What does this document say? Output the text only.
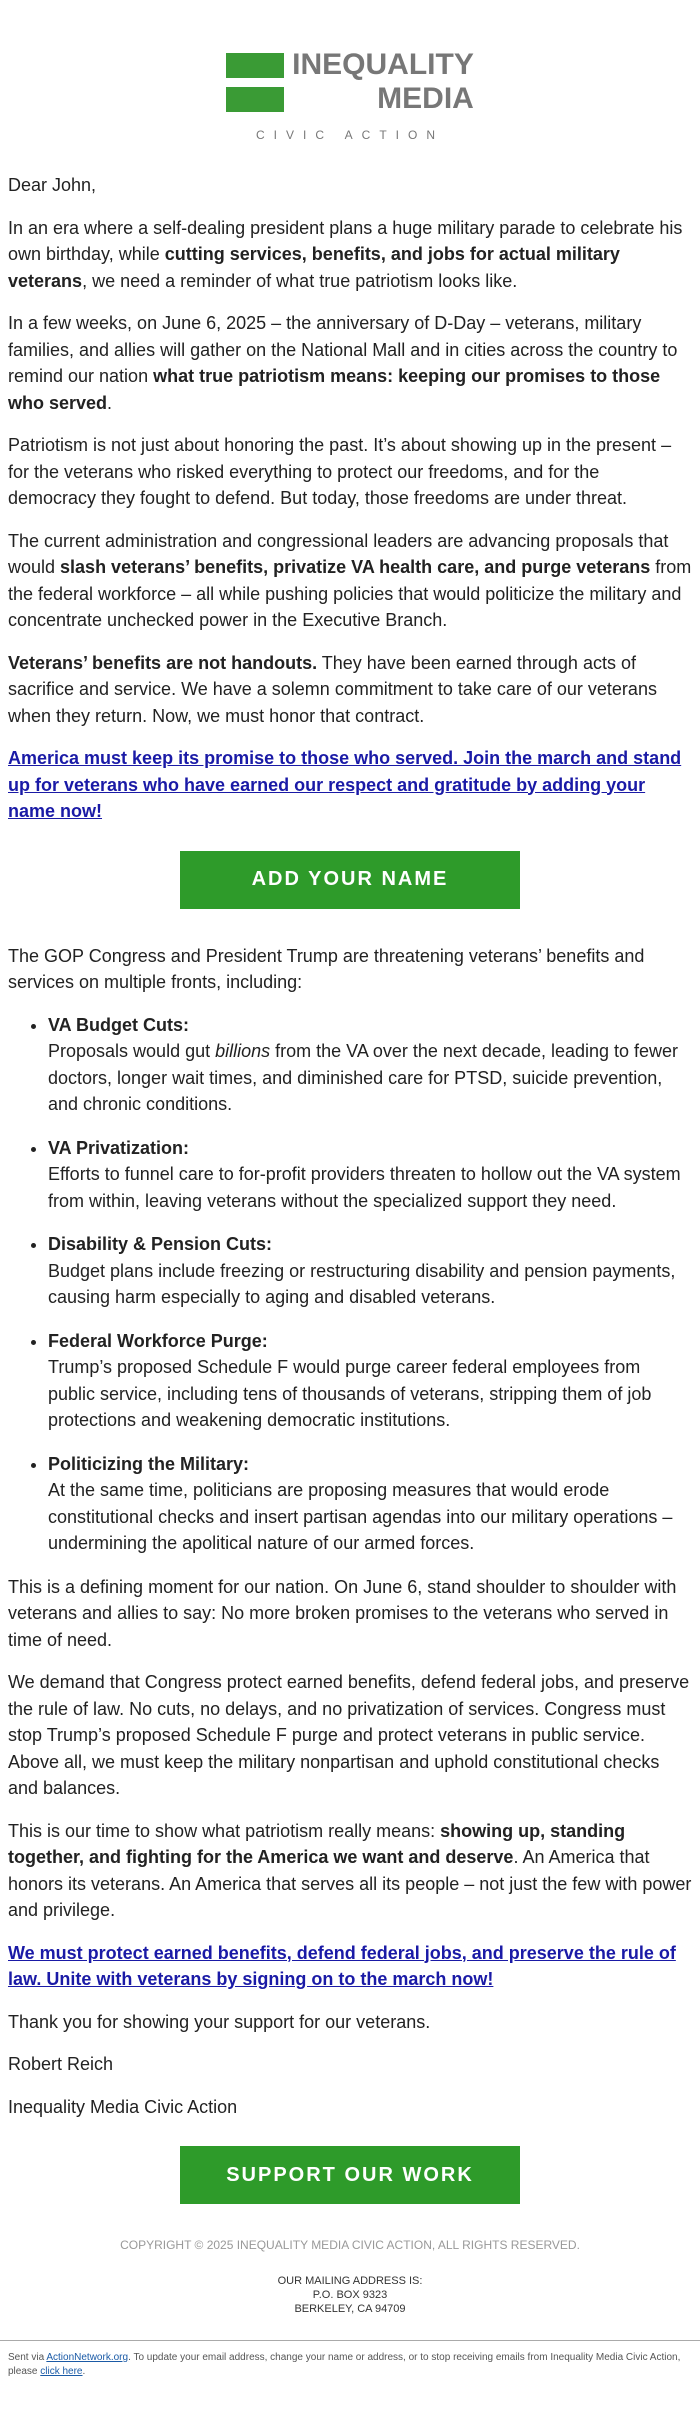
INEQUALITY
MEDIA
CIVIC ACTION

Dear John,

In an era where a self-dealing president plans a huge military parade to celebrate his own birthday, while cutting services, benefits, and jobs for actual military veterans, we need a reminder of what true patriotism looks like.

In a few weeks, on June 6, 2025 – the anniversary of D-Day – veterans, military families, and allies will gather on the National Mall and in cities across the country to remind our nation what true patriotism means: keeping our promises to those who served.

Patriotism is not just about honoring the past. It’s about showing up in the present – for the veterans who risked everything to protect our freedoms, and for the democracy they fought to defend. But today, those freedoms are under threat.

The current administration and congressional leaders are advancing proposals that would slash veterans’ benefits, privatize VA health care, and purge veterans from the federal workforce – all while pushing policies that would politicize the military and concentrate unchecked power in the Executive Branch.

Veterans’ benefits are not handouts. They have been earned through acts of sacrifice and service. We have a solemn commitment to take care of our veterans when they return. Now, we must honor that contract.

America must keep its promise to those who served. Join the march and stand up for veterans who have earned our respect and gratitude by adding your name now!

ADD YOUR NAME

The GOP Congress and President Trump are threatening veterans’ benefits and services on multiple fronts, including:

• VA Budget Cuts:
Proposals would gut billions from the VA over the next decade, leading to fewer doctors, longer wait times, and diminished care for PTSD, suicide prevention, and chronic conditions.
• VA Privatization:
Efforts to funnel care to for-profit providers threaten to hollow out the VA system from within, leaving veterans without the specialized support they need.
• Disability & Pension Cuts:
Budget plans include freezing or restructuring disability and pension payments, causing harm especially to aging and disabled veterans.
• Federal Workforce Purge:
Trump’s proposed Schedule F would purge career federal employees from public service, including tens of thousands of veterans, stripping them of job protections and weakening democratic institutions.
• Politicizing the Military:
At the same time, politicians are proposing measures that would erode constitutional checks and insert partisan agendas into our military operations – undermining the apolitical nature of our armed forces.

This is a defining moment for our nation. On June 6, stand shoulder to shoulder with veterans and allies to say: No more broken promises to the veterans who served in time of need.

We demand that Congress protect earned benefits, defend federal jobs, and preserve the rule of law. No cuts, no delays, and no privatization of services. Congress must stop Trump’s proposed Schedule F purge and protect veterans in public service. Above all, we must keep the military nonpartisan and uphold constitutional checks and balances.

This is our time to show what patriotism really means: showing up, standing together, and fighting for the America we want and deserve. An America that honors its veterans. An America that serves all its people – not just the few with power and privilege.

We must protect earned benefits, defend federal jobs, and preserve the rule of law. Unite with veterans by signing on to the march now!

Thank you for showing your support for our veterans.

Robert Reich

Inequality Media Civic Action

SUPPORT OUR WORK
COPYRIGHT © 2025 INEQUALITY MEDIA CIVIC ACTION, ALL RIGHTS RESERVED.
OUR MAILING ADDRESS IS:
P.O. BOX 9323
BERKELEY, CA 94709
Sent via ActionNetwork.org. To update your email address, change your name or address, or to stop receiving emails from Inequality Media Civic Action, please click here.
